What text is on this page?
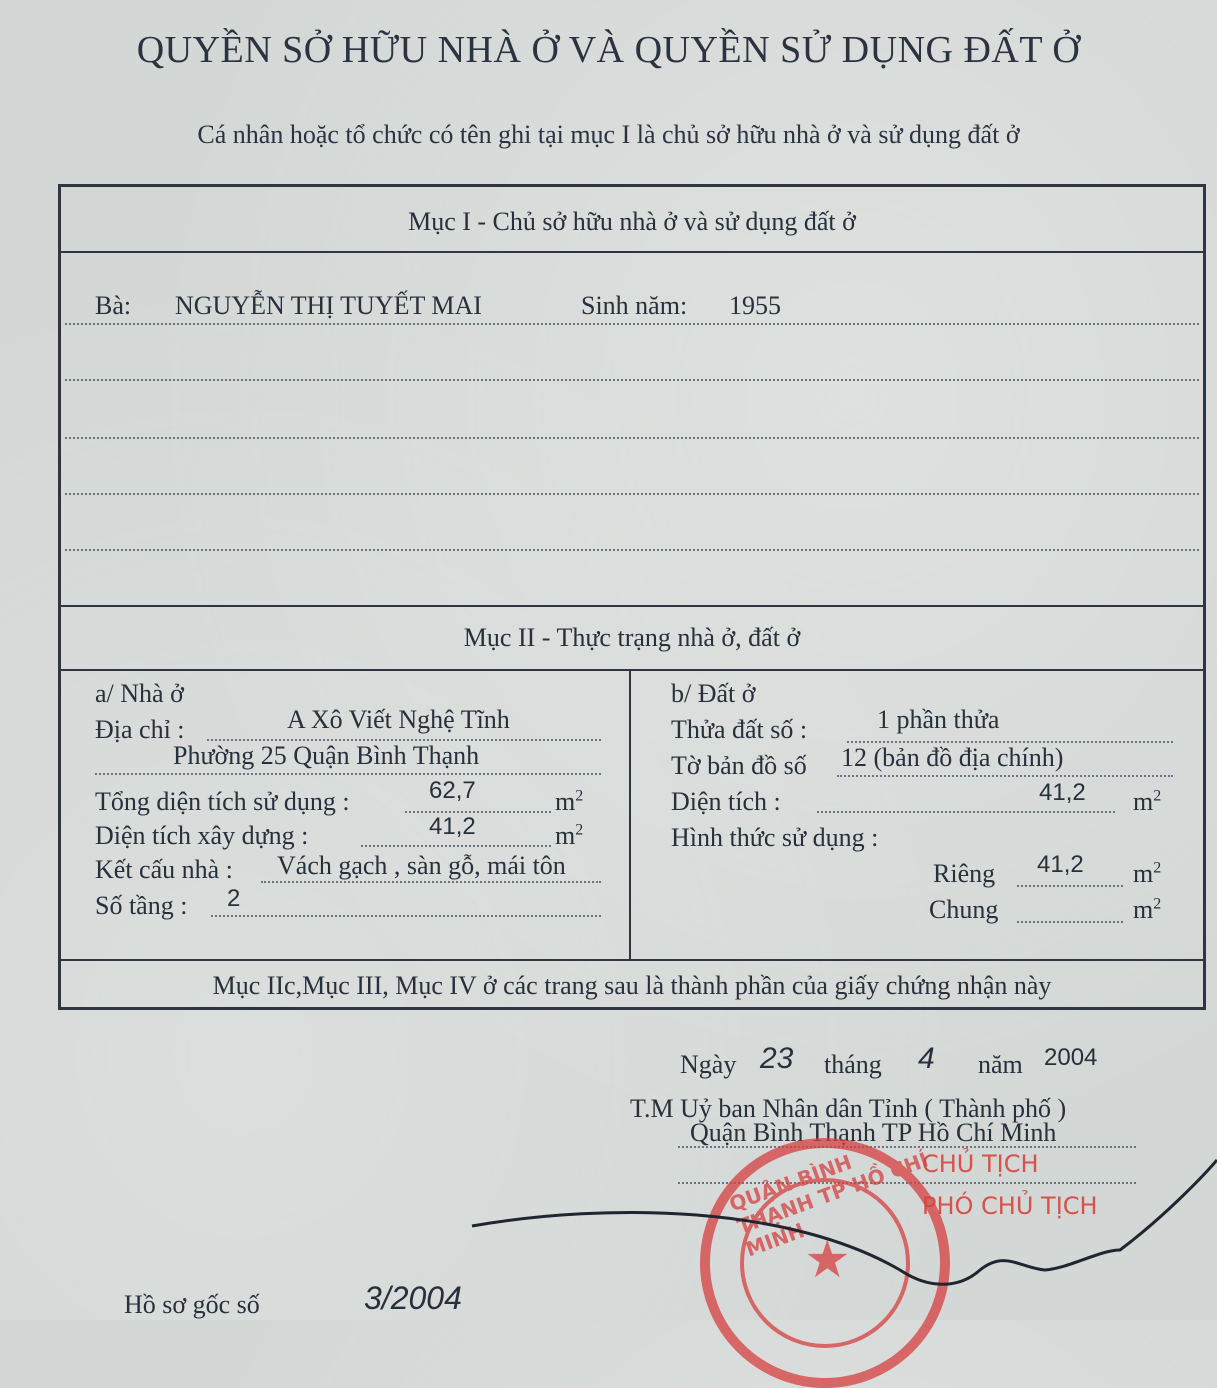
QUYỀN SỞ HỮU NHÀ Ở VÀ QUYỀN SỬ DỤNG ĐẤT Ở
Cá nhân hoặc tổ chức có tên ghi tại mục I là chủ sở hữu nhà ở và sử dụng đất ở
Mục I - Chủ sở hữu nhà ở và sử dụng đất ở
Bà: NGUYỄN THỊ TUYẾT MAI	Sinh năm: 1955
Mục II - Thực trạng nhà ở, đất ở
a/ Nhà ở
Địa chỉ :	A Xô Viết Nghệ Tĩnh
Phường 25 Quận Bình Thạnh
Tổng diện tích sử dụng :	62,7	$m^2$
Diện tích xây dựng :	41,2	$m^2$
Kết cấu nhà : Vách gạch , sàn gỗ, mái tôn
Số tầng : 2
b/ Đất ở
Thửa đất số :	1 phần thửa
Tờ bản đồ số 12 (bản đồ địa chính)
Diện tích :	41,2 $m^2$
Hình thức sử dụng :
Riêng 41,2 $m^2$
Chung	$m^2$
Mục IIc,Mục III, Mục IV ở các trang sau là thành phần của giấy chứng nhận này
Ngày 23 tháng 4 năm 2004
T.M Uỷ ban Nhân dân Tỉnh ( Thành phố )
Quận Bình Thạnh TP Hồ Chí Minh
CHỦ TỊCH
PHÓ CHỦ TỊCH
QUẬN BÌNH THẠNH TP HỒ CHÍ MINH
★
Hồ sơ gốc số	3/2004
